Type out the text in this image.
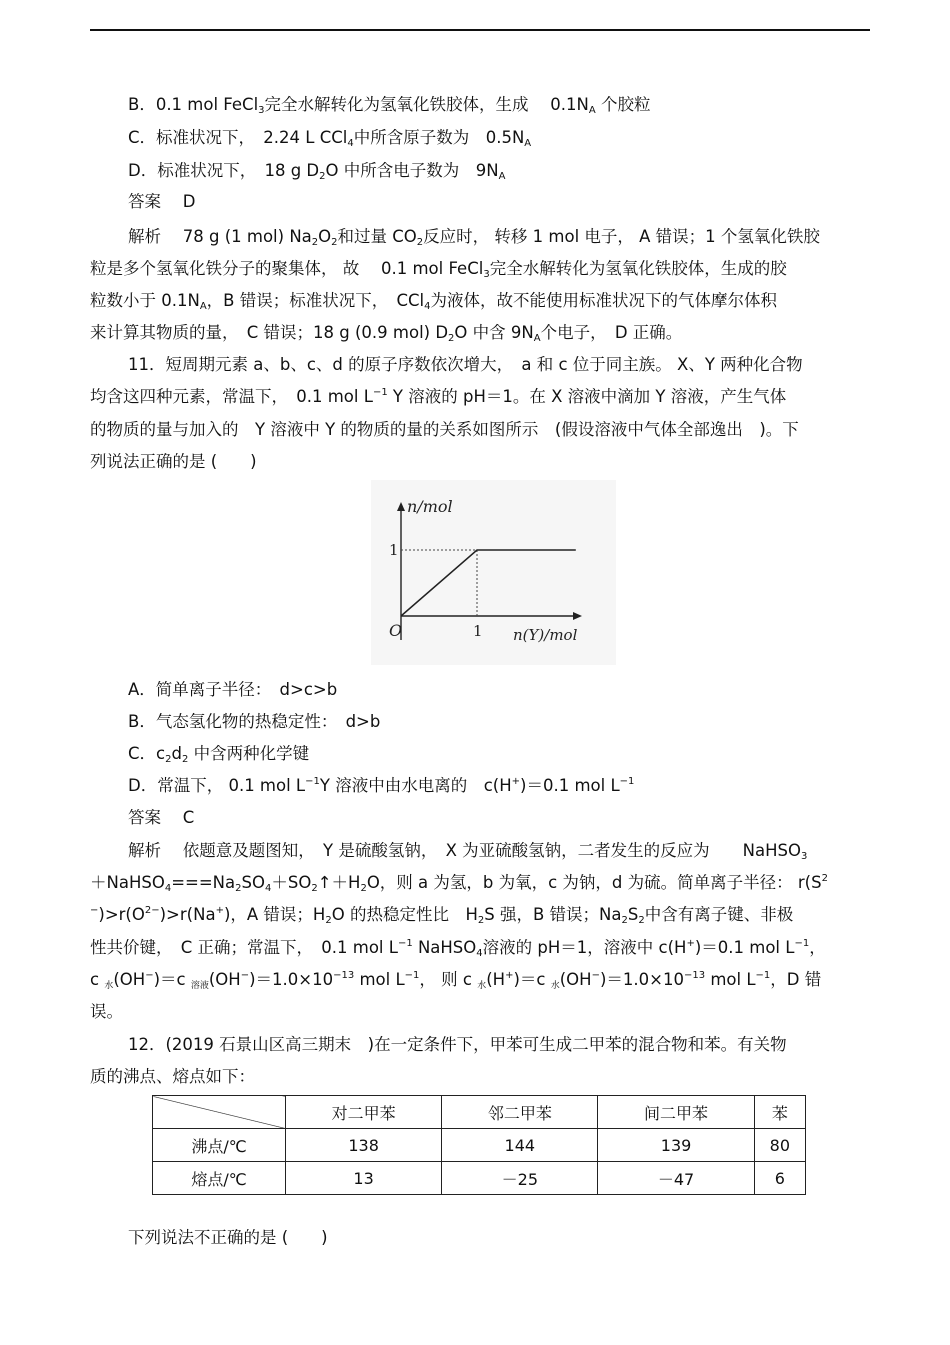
B．0.1 mol FeCl$_3$完全水解转化为氢氧化铁胶体，生成　 $0.1N_A$ 个胶粒
C．标准状况下，　2.24 L CCl$_4$中所含原子数为　$0.5N_A$
D．标准状况下，　18 g $D_2O$ 中所含电子数为　$9N_A$
答案　 D
解析　 78 g (1 mol) $Na_2O_2$和过量 $CO_2$反应时， 转移 1 mol 电子， A 错误；1 个氢氧化铁胶
粒是多个氢氧化铁分子的聚集体， 故　 0.1 mol FeCl$_3$完全水解转化为氢氧化铁胶体，生成的胶
粒数小于 $0.1N_A$，B 错误；标准状况下，　CCl$_4$为液体，故不能使用标准状况下的气体摩尔体积
来计算其物质的量，　C 错误；18 g (0.9 mol) $D_2O$ 中含 $9N_A$个电子，　D 正确。
11．短周期元素 a、b、c、d 的原子序数依次增大，　a 和 c 位于同主族。 X、Y 两种化合物
均含这四种元素，常温下，　0.1 mol $L^{-1}$ Y 溶液的 pH＝1。在 X 溶液中滴加 Y 溶液，产生气体
的物质的量与加入的　Y 溶液中 Y 的物质的量的关系如图所示　(假设溶液中气体全部逸出　)。下
列说法正确的是 (　　)
n/mol
1
1
O	n(Y)/mol
A．简单离子半径：　d>c>b
B．气态氢化物的热稳定性：　d>b
C．$c_2d_2$ 中含两种化学键
D．常温下， 0.1 mol $L^{-1}Y$ 溶液中由水电离的　c(H+)＝0.1 mol $L^{-1}$
答案　 C
解析　 依题意及题图知，　Y 是硫酸氢钠，　X 为亚硫酸氢钠，二者发生的反应为　　NaHSO$_3$
$+NaHSO_4===Na_2SO_4+SO_2↑+H_2O$，则 a 为氢，b 为氧，c 为钠，d 为硫。简单离子半径： $r(S^2$
$^-)>r(O^{2-})>r(Na^+)$，A 错误；$H_2O$ 的热稳定性比　$H_2S$ 强，B 错误；$Na_2S_2$中含有离子键、非极
性共价键，　C 正确；常温下，　0.1 mol $L^{-1}$ NaHSO$_4$溶液的 pH＝1，溶液中 c(H+)＝0.1 mol $L^{-1}$，
c $_水$(OH−)＝c $_{溶液}(OH^-)=1.0\times 10^{-13}$ mol $L^{-1}$， 则 c $_水$(H+)＝c $_水(OH^-)=1.0\times 10^{-13}$ mol $L^{-1}$，D 错
误。
12．(2019 石景山区高三期末　)在一定条件下，甲苯可生成二甲苯的混合物和苯。有关物
质的沸点、熔点如下：
	对二甲苯	邻二甲苯	间二甲苯	苯
沸点/℃	138	144	139	80
熔点/℃	13	－25	－47	6
下列说法不正确的是 (　　)
